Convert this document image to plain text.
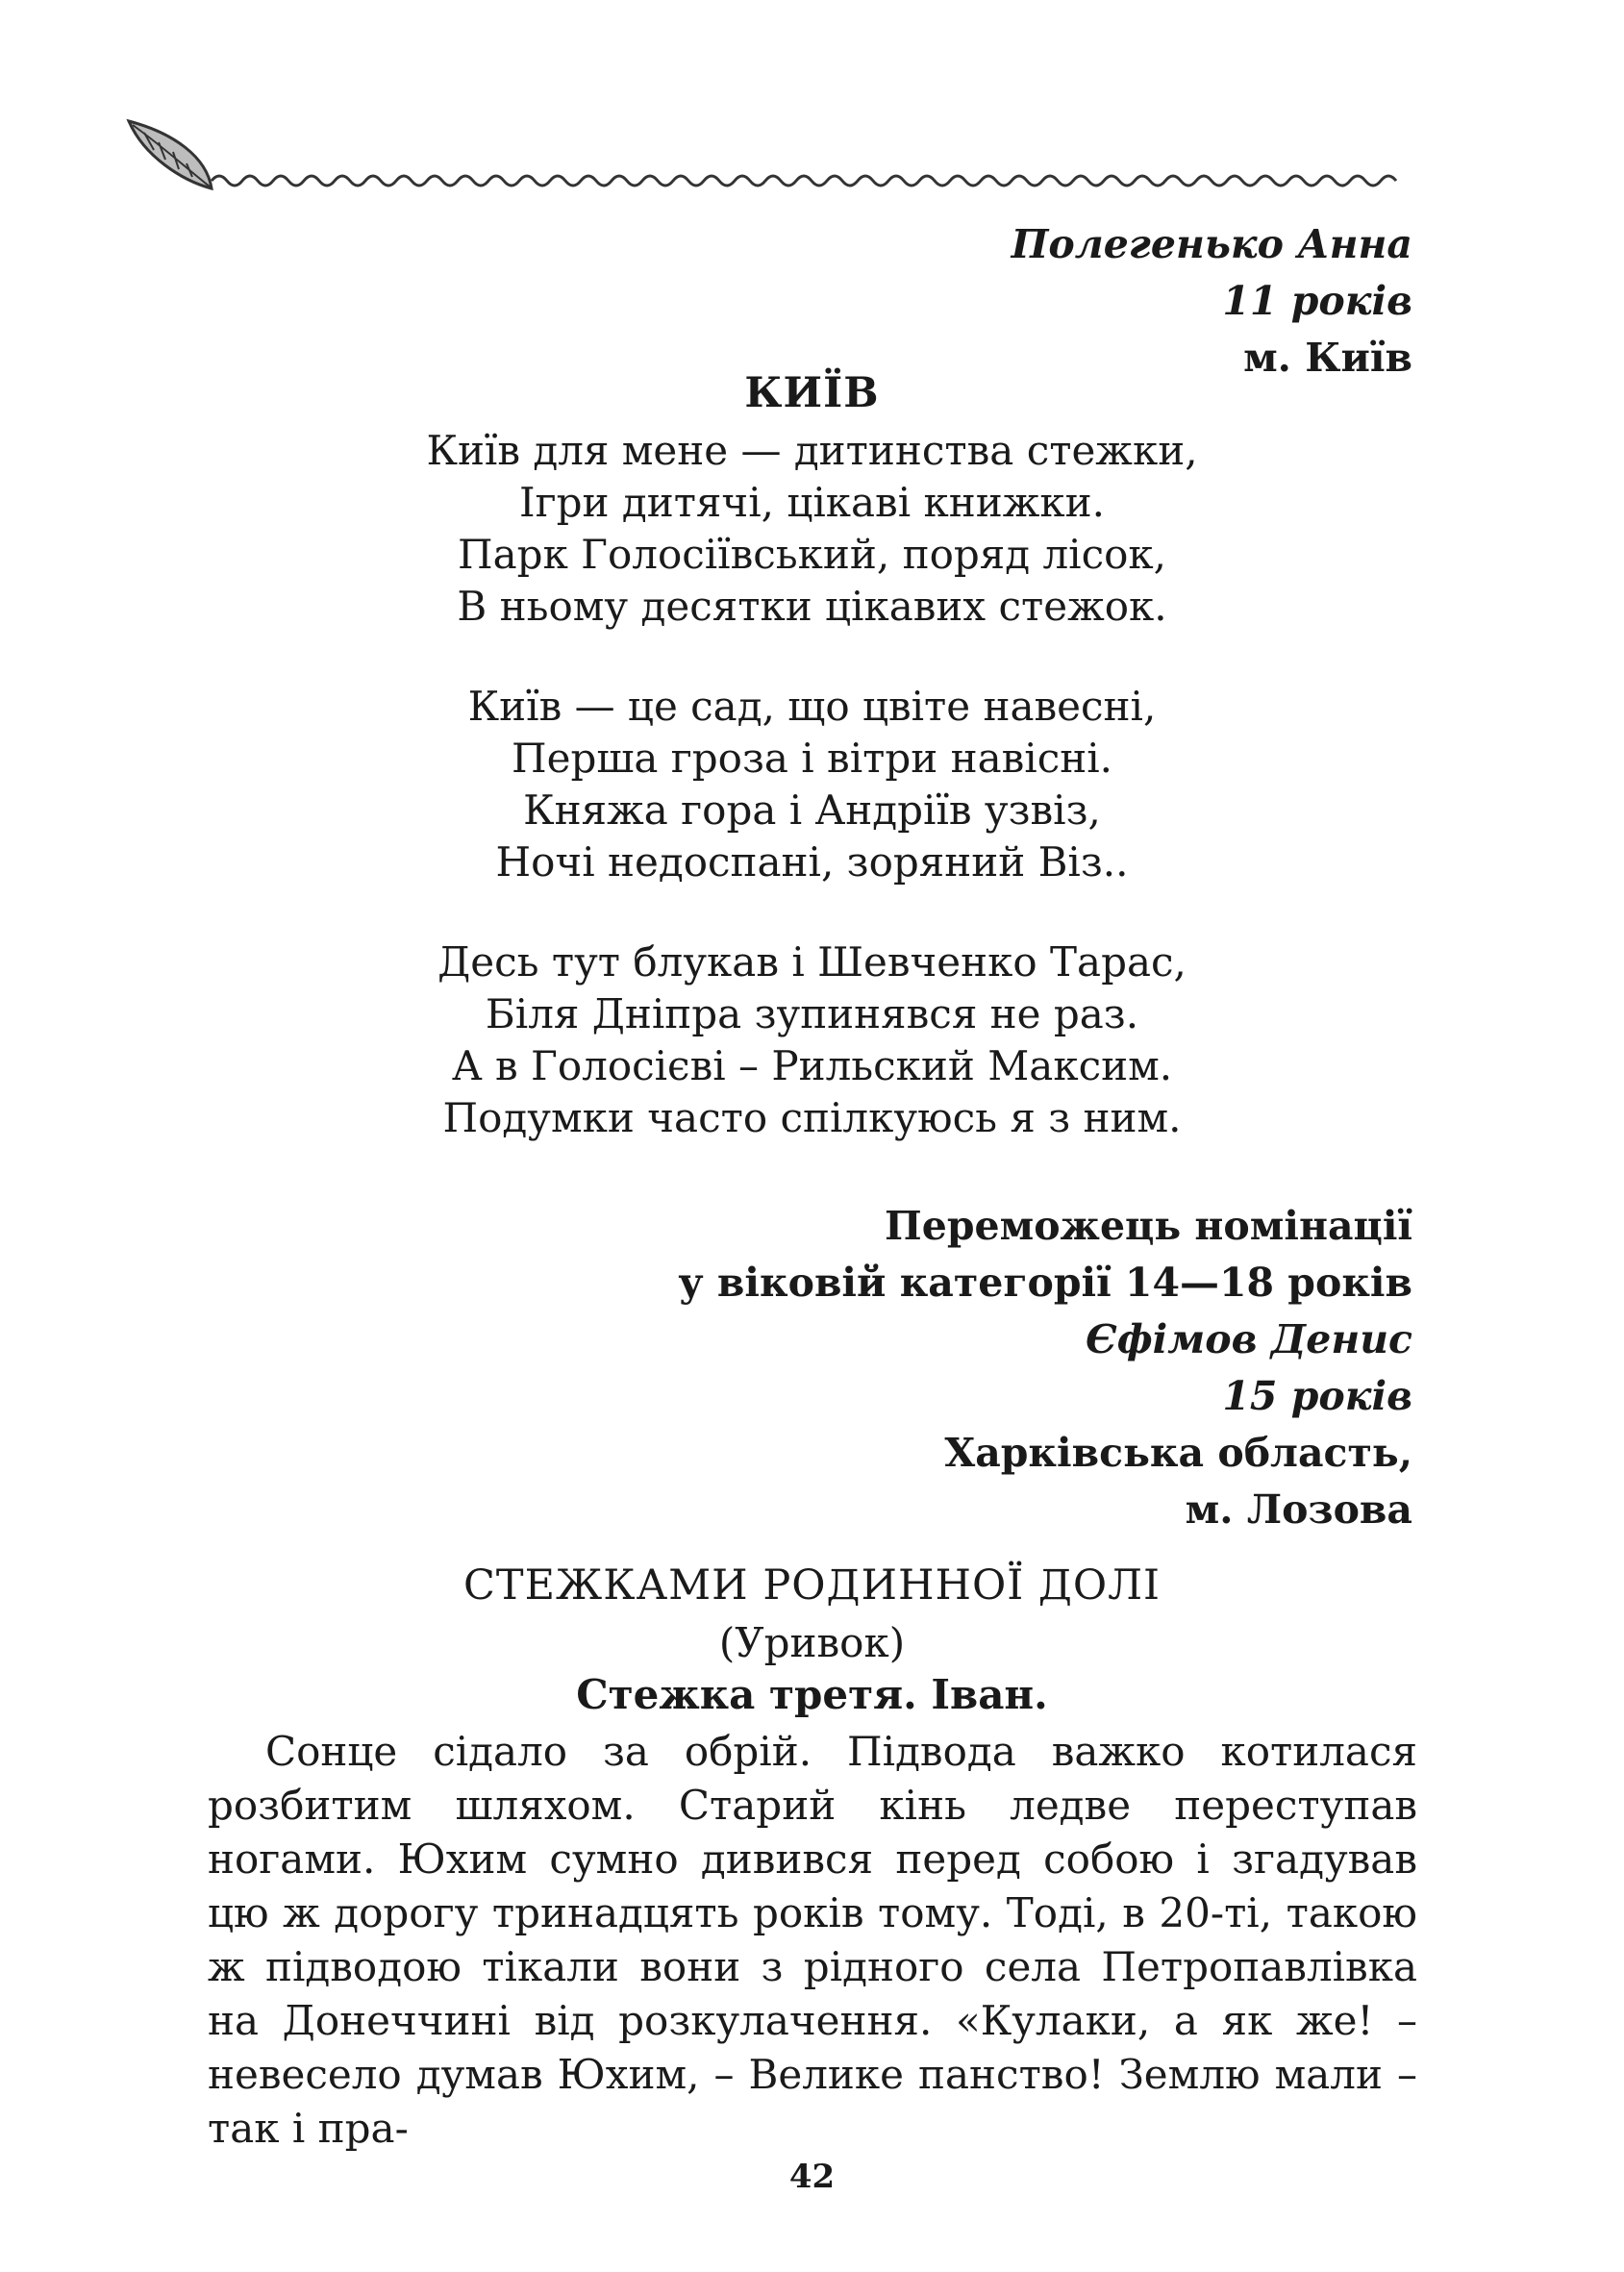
Полегенько Анна
11 років
м. Київ
КИЇВ
Київ для мене — дитинства стежки,
Ігри дитячі, цікаві книжки.
Парк Голосіївський, поряд лісок,
В ньому десятки цікавих стежок.
Київ — це сад, що цвіте навесні,
Перша гроза і вітри навісні.
Княжа гора і Андріїв узвіз,
Ночі недоспані, зоряний Віз..
Десь тут блукав і Шевченко Тарас,
Біля Дніпра зупинявся не раз.
А в Голосієві – Рильский Максим.
Подумки часто спілкуюсь я з ним.
Переможець номінації
у віковій категорії 14—18 років
Єфімов Денис
15 років
Харківська область,
м. Лозова
СТЕЖКАМИ РОДИННОЇ ДОЛІ
(Уривок)
Стежка третя. Іван.
Сонце сідало за обрій. Підвода важко котилася розбитим шляхом. Старий кінь ледве переступав ногами. Юхим сумно дивився перед собою і згадував цю ж дорогу тринадцять років тому. Тоді, в 20-ті, такою ж підводою тікали вони з рідного села Петропавлівка на Донеччині від розкулачення. «Кулаки, а як же! – невесело думав Юхим, – Велике панство! Землю мали – так і пра-
42
